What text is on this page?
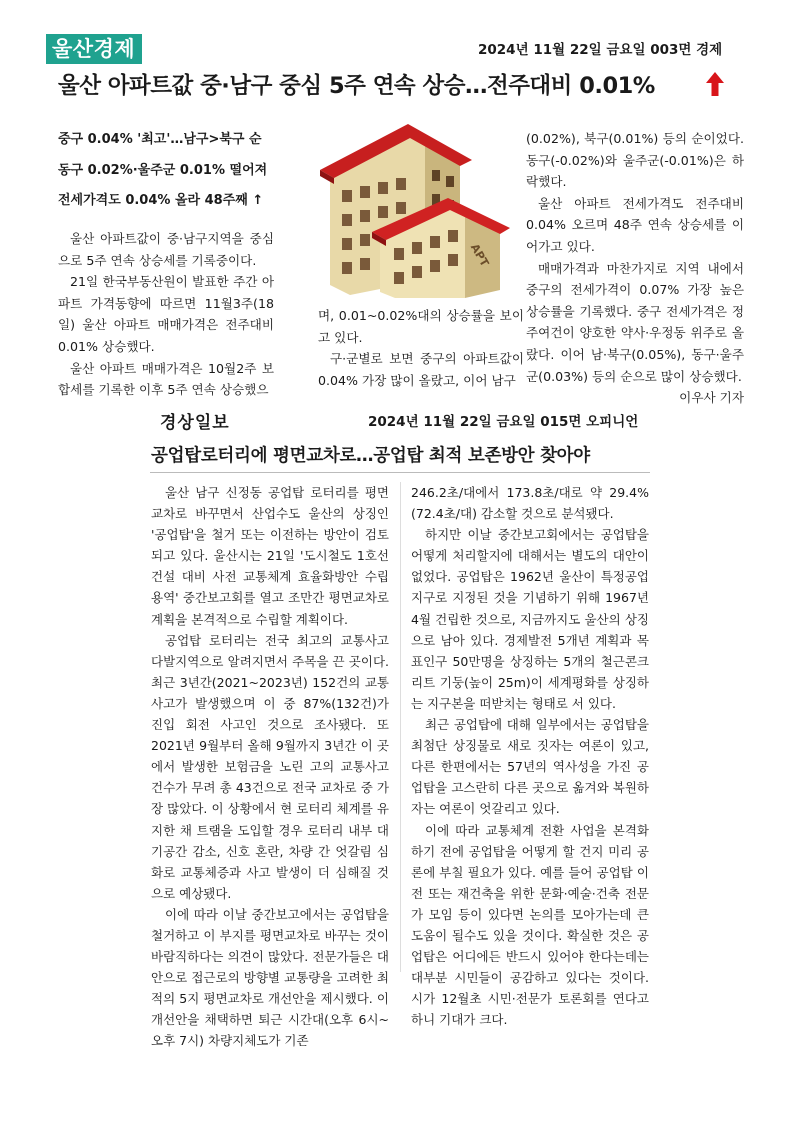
울산경제	2024년 11월 22일 금요일 003면 경제
울산 아파트값 중·남구 중심 5주 연속 상승…전주대비 0.01%
중구 0.04% '최고'…남구>북구 순
동구 0.02%·울주군 0.01% 떨어져
전세가격도 0.04% 올라 48주째 ↑
APT

울산 아파트값이 중·남구지역을 중심으로 5주 연속 상승세를 기록중이다.

21일 한국부동산원이 발표한 주간 아파트 가격동향에 따르면 11월3주(18일) 울산 아파트 매매가격은 전주대비 0.01% 상승했다.

울산 아파트 매매가격은 10월2주 보합세를 기록한 이후 5주 연속 상승했으

며, 0.01~0.02%대의 상승률을 보이고 있다.

구·군별로 보면 중구의 아파트값이 0.04% 가장 많이 올랐고, 이어 남구

(0.02%), 북구(0.01%) 등의 순이었다. 동구(-0.02%)와 울주군(-0.01%)은 하락했다.

울산 아파트 전세가격도 전주대비 0.04% 오르며 48주 연속 상승세를 이어가고 있다.

매매가격과 마찬가지로 지역 내에서 중구의 전세가격이 0.07% 가장 높은 상승률을 기록했다. 중구 전세가격은 정주여건이 양호한 약사·우정동 위주로 올랐다. 이어 남·북구(0.05%), 동구·울주군(0.03%) 등의 순으로 많이 상승했다.

이우사 기자
경상일보	2024년 11월 22일 금요일 015면 오피니언
공업탑로터리에 평면교차로…공업탑 최적 보존방안 찾아야

울산 남구 신정동 공업탑 로터리를 평면교차로 바꾸면서 산업수도 울산의 상징인 '공업탑'을 철거 또는 이전하는 방안이 검토되고 있다. 울산시는 21일 '도시철도 1호선 건설 대비 사전 교통체계 효율화방안 수립 용역' 중간보고회를 열고 조만간 평면교차로 계획을 본격적으로 수립할 계획이다.

공업탑 로터리는 전국 최고의 교통사고 다발지역으로 알려지면서 주목을 끈 곳이다. 최근 3년간(2021~2023년) 152건의 교통사고가 발생했으며 이 중 87%(132건)가 진입 회전 사고인 것으로 조사됐다. 또 2021년 9월부터 올해 9월까지 3년간 이 곳에서 발생한 보험금을 노린 고의 교통사고 건수가 무려 총 43건으로 전국 교차로 중 가장 많았다. 이 상황에서 현 로터리 체계를 유지한 채 트램을 도입할 경우 로터리 내부 대기공간 감소, 신호 혼란, 차량 간 엇갈림 심화로 교통체증과 사고 발생이 더 심해질 것으로 예상됐다.

이에 따라 이날 중간보고에서는 공업탑을 철거하고 이 부지를 평면교차로 바꾸는 것이 바람직하다는 의견이 많았다. 전문가들은 대안으로 접근로의 방향별 교통량을 고려한 최적의 5지 평면교차로 개선안을 제시했다. 이 개선안을 채택하면 퇴근 시간대(오후 6시~오후 7시) 차량지체도가 기존

246.2초/대에서 173.8초/대로 약 29.4%(72.4초/대) 감소할 것으로 분석됐다.

하지만 이날 중간보고회에서는 공업탑을 어떻게 처리할지에 대해서는 별도의 대안이 없었다. 공업탑은 1962년 울산이 특정공업지구로 지정된 것을 기념하기 위해 1967년 4월 건립한 것으로, 지금까지도 울산의 상징으로 남아 있다. 경제발전 5개년 계획과 목표인구 50만명을 상징하는 5개의 철근콘크리트 기둥(높이 25m)이 세계평화를 상징하는 지구본을 떠받치는 형태로 서 있다.

최근 공업탑에 대해 일부에서는 공업탑을 최첨단 상징물로 새로 짓자는 여론이 있고, 다른 한편에서는 57년의 역사성을 가진 공업탑을 고스란히 다른 곳으로 옮겨와 복원하자는 여론이 엇갈리고 있다.

이에 따라 교통체계 전환 사업을 본격화하기 전에 공업탑을 어떻게 할 건지 미리 공론에 부칠 필요가 있다. 예를 들어 공업탑 이전 또는 재건축을 위한 문화·예술·건축 전문가 모임 등이 있다면 논의를 모아가는데 큰 도움이 될수도 있을 것이다. 확실한 것은 공업탑은 어디에든 반드시 있어야 한다는데는 대부분 시민들이 공감하고 있다는 것이다. 시가 12월초 시민·전문가 토론회를 연다고 하니 기대가 크다.
